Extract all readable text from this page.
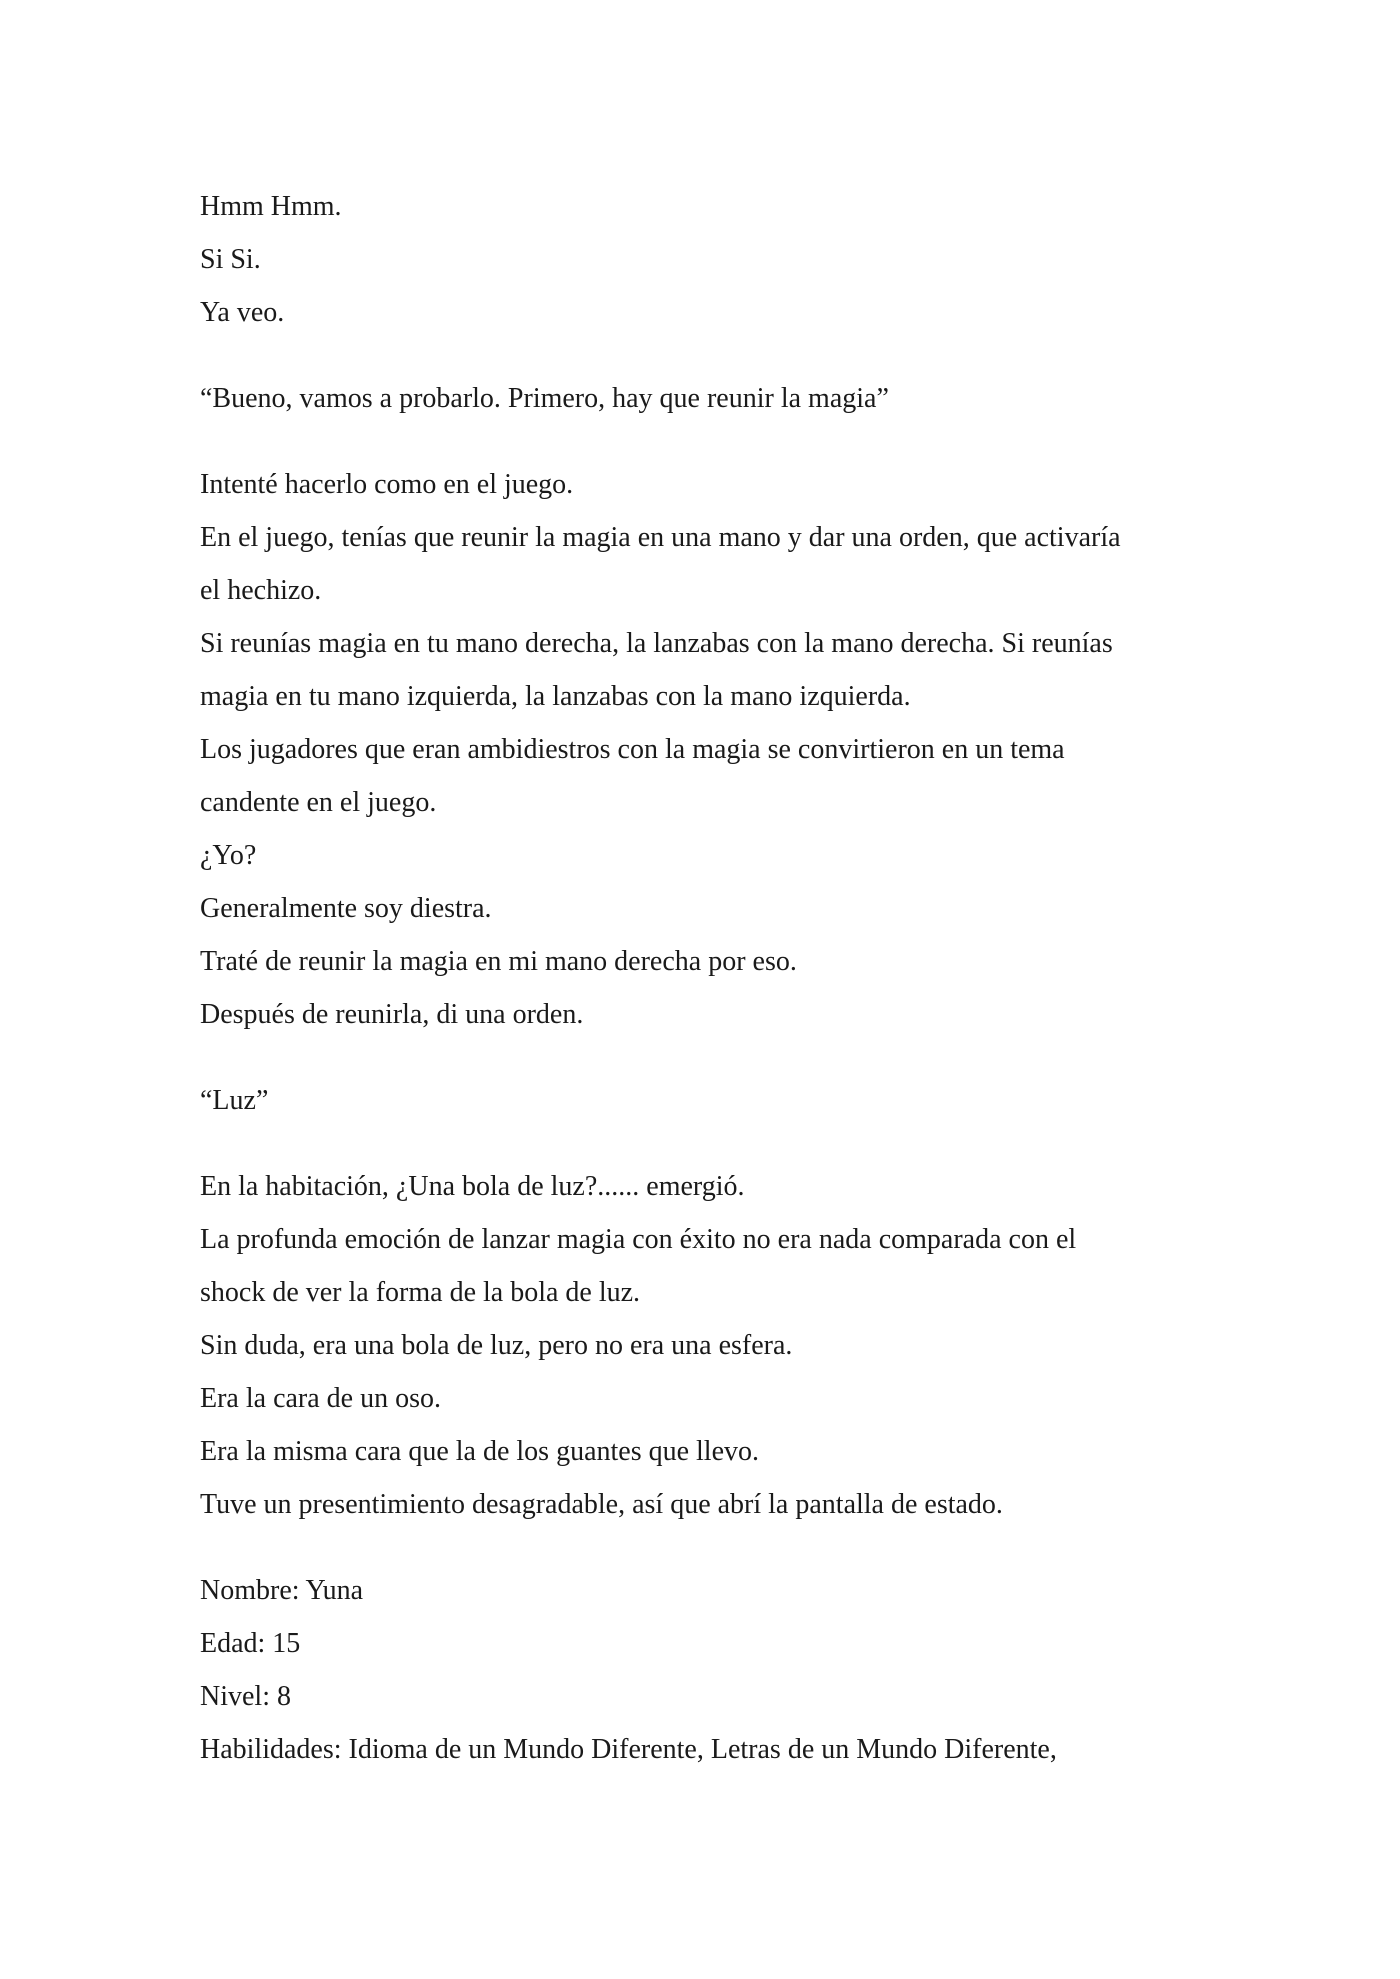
Hmm Hmm.
Si Si.
Ya veo.
“Bueno, vamos a probarlo. Primero, hay que reunir la magia”
Intenté hacerlo como en el juego.
En el juego, tenías que reunir la magia en una mano y dar una orden, que activaría
el hechizo.
Si reunías magia en tu mano derecha, la lanzabas con la mano derecha. Si reunías
magia en tu mano izquierda, la lanzabas con la mano izquierda.
Los jugadores que eran ambidiestros con la magia se convirtieron en un tema
candente en el juego.
¿Yo?
Generalmente soy diestra.
Traté de reunir la magia en mi mano derecha por eso.
Después de reunirla, di una orden.
“Luz”
En la habitación, ¿Una bola de luz?...... emergió.
La profunda emoción de lanzar magia con éxito no era nada comparada con el
shock de ver la forma de la bola de luz.
Sin duda, era una bola de luz, pero no era una esfera.
Era la cara de un oso.
Era la misma cara que la de los guantes que llevo.
Tuve un presentimiento desagradable, así que abrí la pantalla de estado.
Nombre: Yuna
Edad: 15
Nivel: 8
Habilidades: Idioma de un Mundo Diferente, Letras de un Mundo Diferente,
